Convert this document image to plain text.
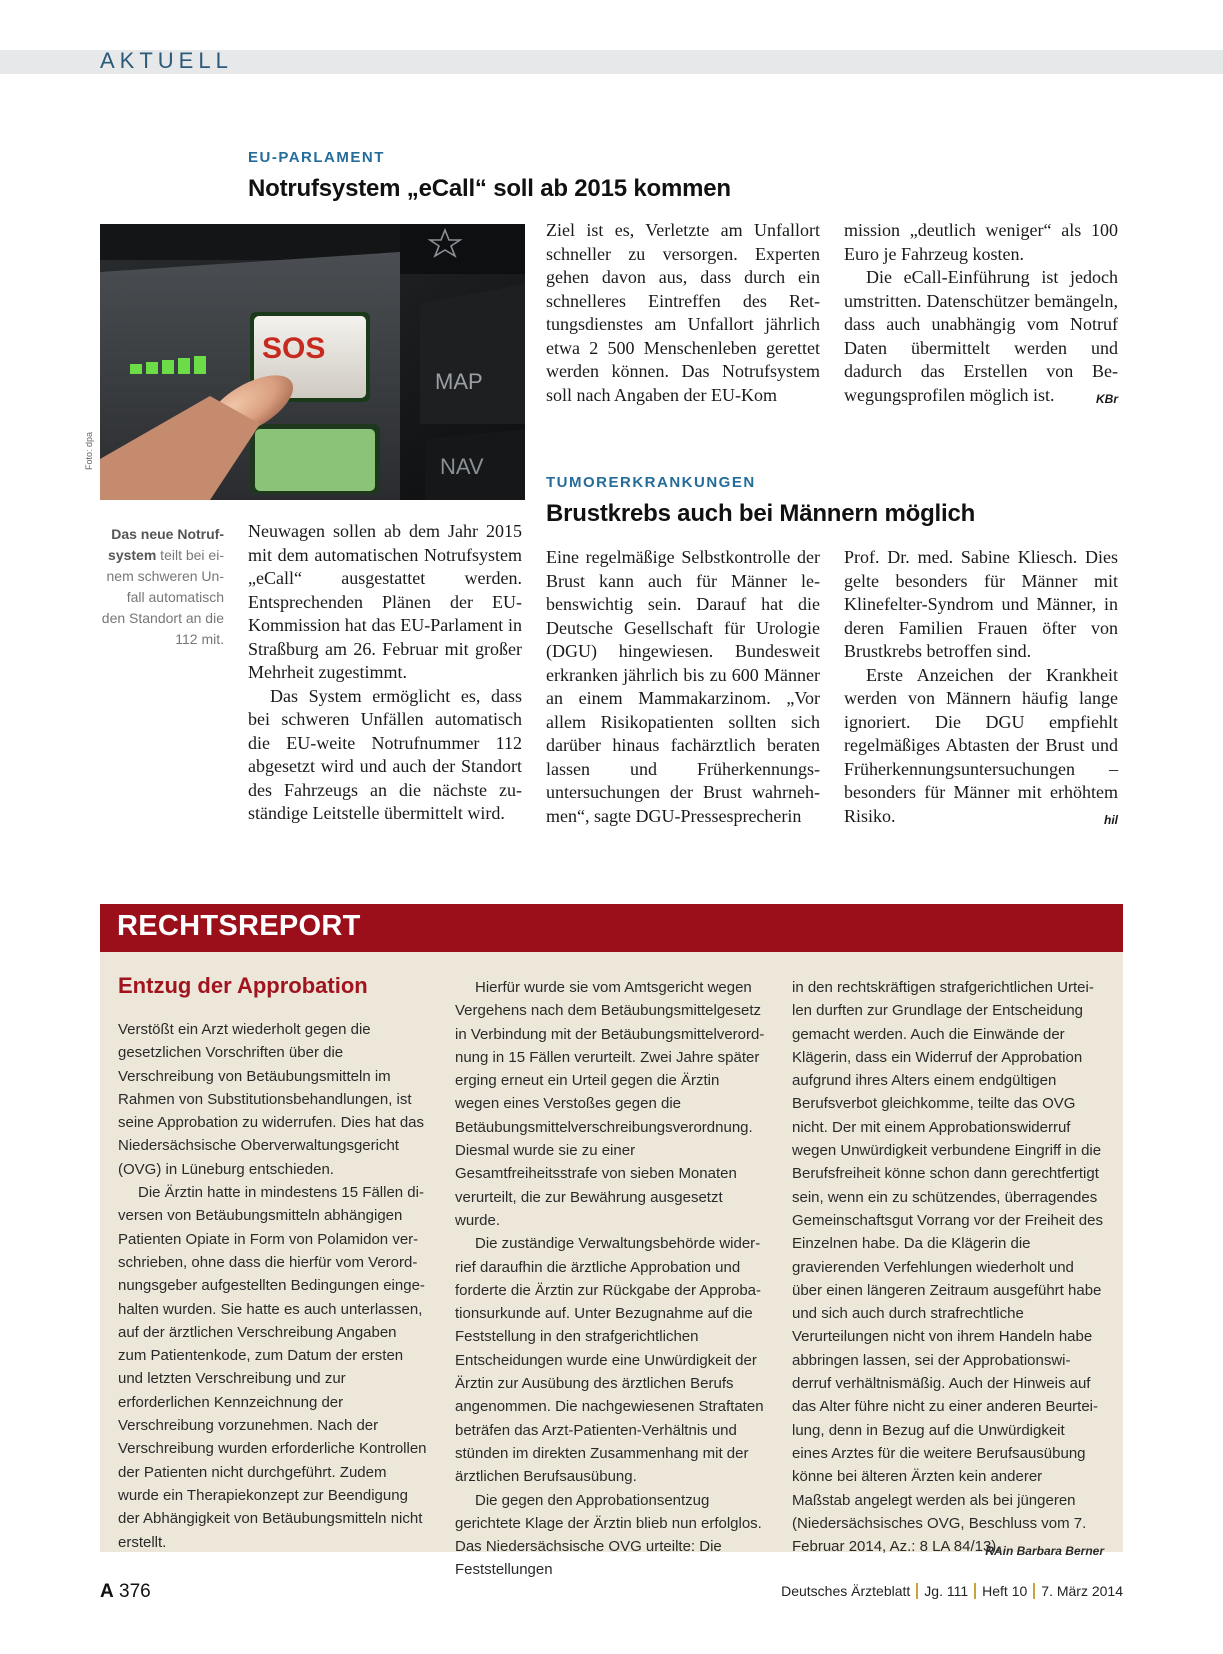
AKTUELL
EU-PARLAMENT
Notrufsystem „eCall“ soll ab 2015 kommen
SOS
MAP
NAV
Foto: dpa
Das neue Notruf-
system teilt bei ei-
nem schweren Un-
fall automatisch
den Standort an die
112 mit.

Neuwagen sollen ab dem Jahr 2015 mit dem automatischen Notrufsystem „eCall“ ausgestattet werden. Entsprechenden Plänen der EU-Kommission hat das EU-Parlament in Straßburg am 26. Februar mit großer Mehrheit zugestimmt.

Das System ermöglicht es, dass bei schweren Unfällen automatisch die EU-weite Notrufnummer 112 abgesetzt wird und auch der Standort des Fahrzeugs an die nächste zuständige Leitstelle übermittelt wird.

Ziel ist es, Verletzte am Unfallort schneller zu versorgen. Experten gehen davon aus, dass durch ein schnelleres Eintreffen des Rettungsdienstes am Unfallort jährlich etwa 2 500 Menschenleben gerettet werden können. Das Notrufsystem soll nach Angaben der EU-Kom

mission „deutlich weniger“ als 100 Euro je Fahrzeug kosten.

Die eCall-Einführung ist jedoch umstritten. Datenschützer bemängeln, dass auch unabhängig vom Notruf Daten übermittelt werden und dadurch das Erstellen von Bewegungsprofilen möglich ist.	KBr
TUMORERKRANKUNGEN
Brustkrebs auch bei Männern möglich

Eine regelmäßige Selbstkontrolle der Brust kann auch für Männer lebenswichtig sein. Darauf hat die Deutsche Gesellschaft für Urologie (DGU) hingewiesen. Bundesweit erkranken jährlich bis zu 600 Männer an einem Mammakarzinom. „Vor allem Risikopatienten sollten sich darüber hinaus fachärztlich beraten lassen und Früherkennungsuntersuchungen der Brust wahrnehmen“, sagte DGU-Pressesprecherin

Prof. Dr. med. Sabine Kliesch. Dies gelte besonders für Männer mit Klinefelter-Syndrom und Männer, in deren Familien Frauen öfter von Brustkrebs betroffen sind.

Erste Anzeichen der Krankheit werden von Männern häufig lange ignoriert. Die DGU empfiehlt regelmäßiges Abtasten der Brust und Früherkennungsuntersuchungen – besonders für Männer mit erhöhtem Risiko.	hil
RECHTSREPORT
Entzug der Approbation

Verstößt ein Arzt wiederholt gegen die gesetzlichen Vorschriften über die Verschreibung von Betäubungsmitteln im Rahmen von Substitutionsbehandlungen, ist seine Approbation zu widerrufen. Dies hat das Niedersächsische Oberverwaltungsgericht (OVG) in Lüneburg entschieden.

Die Ärztin hatte in mindestens 15 Fällen diversen von Betäubungsmitteln abhängigen Patienten Opiate in Form von Polamidon verschrieben, ohne dass die hierfür vom Verordnungsgeber aufgestellten Bedingungen eingehalten wurden. Sie hatte es auch unterlassen, auf der ärztlichen Verschreibung Angaben zum Patientenkode, zum Datum der ersten und letzten Verschreibung und zur erforderlichen Kennzeichnung der Verschreibung vorzunehmen. Nach der Verschreibung wurden erforderliche Kontrollen der Patienten nicht durchgeführt. Zudem wurde ein Therapiekonzept zur Beendigung der Abhängigkeit von Betäubungsmitteln nicht erstellt.

Hierfür wurde sie vom Amtsgericht wegen Vergehens nach dem Betäubungsmittelgesetz in Verbindung mit der Betäubungsmittelverordnung in 15 Fällen verurteilt. Zwei Jahre später erging erneut ein Urteil gegen die Ärztin wegen eines Verstoßes gegen die Betäubungsmittelverschreibungsverordnung. Diesmal wurde sie zu einer Gesamtfreiheitsstrafe von sieben Monaten verurteilt, die zur Bewährung ausgesetzt wurde.

Die zuständige Verwaltungsbehörde widerrief daraufhin die ärztliche Approbation und forderte die Ärztin zur Rückgabe der Approbationsurkunde auf. Unter Bezugnahme auf die Feststellung in den strafgerichtlichen Entscheidungen wurde eine Unwürdigkeit der Ärztin zur Ausübung des ärztlichen Berufs angenommen. Die nachgewiesenen Straftaten beträfen das Arzt-Patienten-Verhältnis und stünden im direkten Zusammenhang mit der ärztlichen Berufsausübung.

Die gegen den Approbationsentzug gerichtete Klage der Ärztin blieb nun erfolglos. Das Niedersächsische OVG urteilte: Die Feststellungen

in den rechtskräftigen strafgerichtlichen Urteilen durften zur Grundlage der Entscheidung gemacht werden. Auch die Einwände der Klägerin, dass ein Widerruf der Approbation aufgrund ihres Alters einem endgültigen Berufsverbot gleichkomme, teilte das OVG nicht. Der mit einem Approbationswiderruf wegen Unwürdigkeit verbundene Eingriff in die Berufsfreiheit könne schon dann gerechtfertigt sein, wenn ein zu schützendes, überragendes Gemeinschaftsgut Vorrang vor der Freiheit des Einzelnen habe. Da die Klägerin die gravierenden Verfehlungen wiederholt und über einen längeren Zeitraum ausgeführt habe und sich auch durch strafrechtliche Verurteilungen nicht von ihrem Handeln habe abbringen lassen, sei der Approbationswiderruf verhältnismäßig. Auch der Hinweis auf das Alter führe nicht zu einer anderen Beurteilung, denn in Bezug auf die Unwürdigkeit eines Arztes für die weitere Berufsausübung könne bei älteren Ärzten kein anderer Maßstab angelegt werden als bei jüngeren (Niedersächsisches OVG, Beschluss vom 7. Februar 2014, Az.: 8 LA 84/13).

RAin Barbara Berner
A 376	Deutsches Ärzteblatt Jg. 111 Heft 10 7. März 2014
